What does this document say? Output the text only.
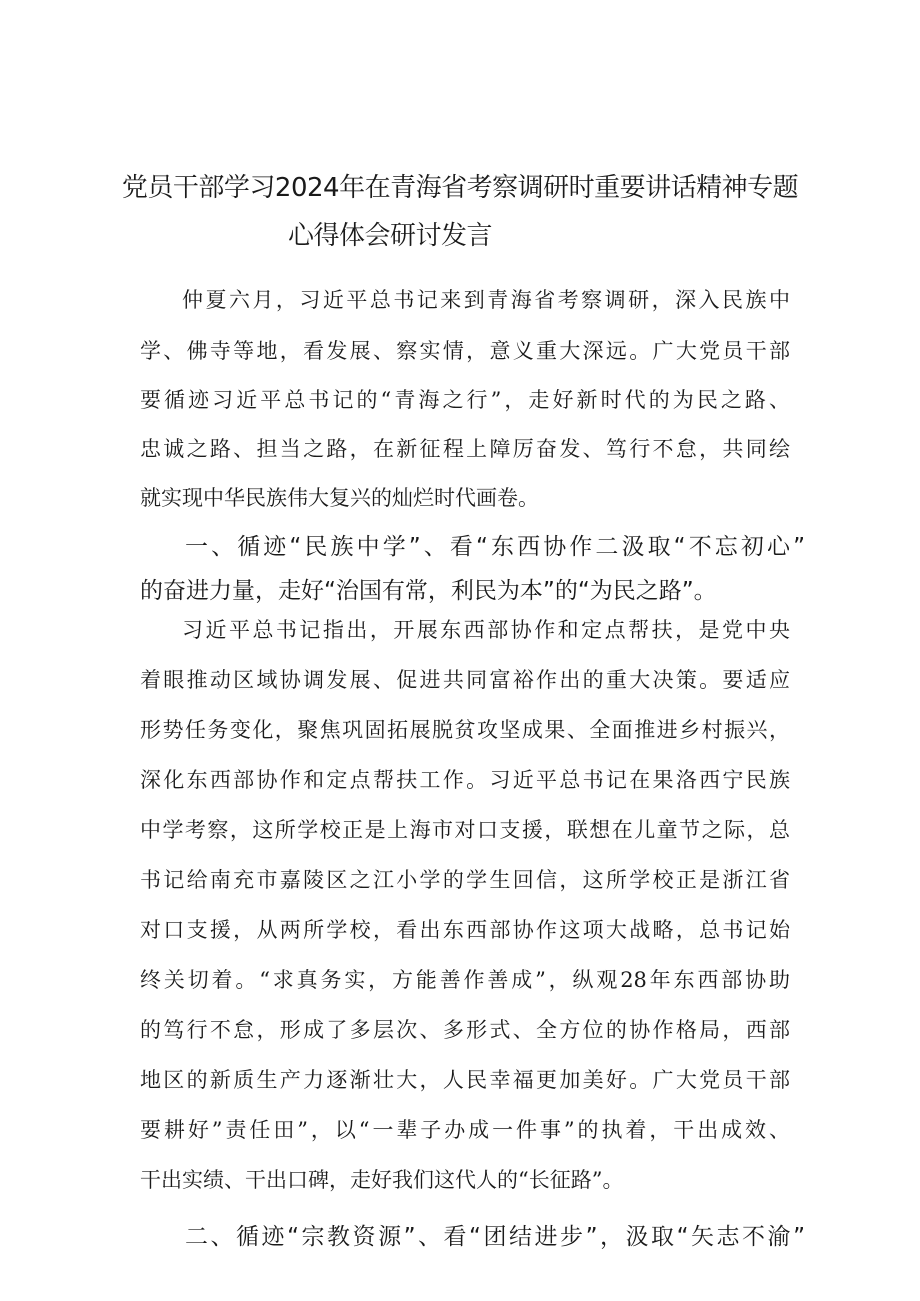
党员干部学习2024年在青海省考察调研时重要讲话精神专题
心得体会研讨发言
仲夏六月，习近平总书记来到青海省考察调研，深入民族中
学、佛寺等地，看发展、察实情，意义重大深远。广大党员干部
要循迹习近平总书记的“青海之行”，走好新时代的为民之路、
忠诚之路、担当之路，在新征程上障厉奋发、笃行不怠，共同绘
就实现中华民族伟大复兴的灿烂时代画卷。
一、循迹“民族中学”、看“东西协作二汲取“不忘初心”
的奋进力量，走好“治国有常，利民为本”的“为民之路”。
习近平总书记指出，开展东西部协作和定点帮扶，是党中央
着眼推动区域协调发展、促进共同富裕作出的重大决策。要适应
形势任务变化，聚焦巩固拓展脱贫攻坚成果、全面推进乡村振兴，
深化东西部协作和定点帮扶工作。习近平总书记在果洛西宁民族
中学考察，这所学校正是上海市对口支援，联想在儿童节之际，总
书记给南充市嘉陵区之江小学的学生回信，这所学校正是浙江省
对口支援，从两所学校，看出东西部协作这项大战略，总书记始
终关切着。“求真务实，方能善作善成”，纵观28年东西部协助
的笃行不怠，形成了多层次、多形式、全方位的协作格局，西部
地区的新质生产力逐渐壮大，人民幸福更加美好。广大党员干部
要耕好”责任田”，以“一辈子办成一件事”的执着，干出成效、
干出实绩、干出口碑，走好我们这代人的“长征路”。
二、循迹“宗教资源”、看“团结进步”，汲取“矢志不渝”
